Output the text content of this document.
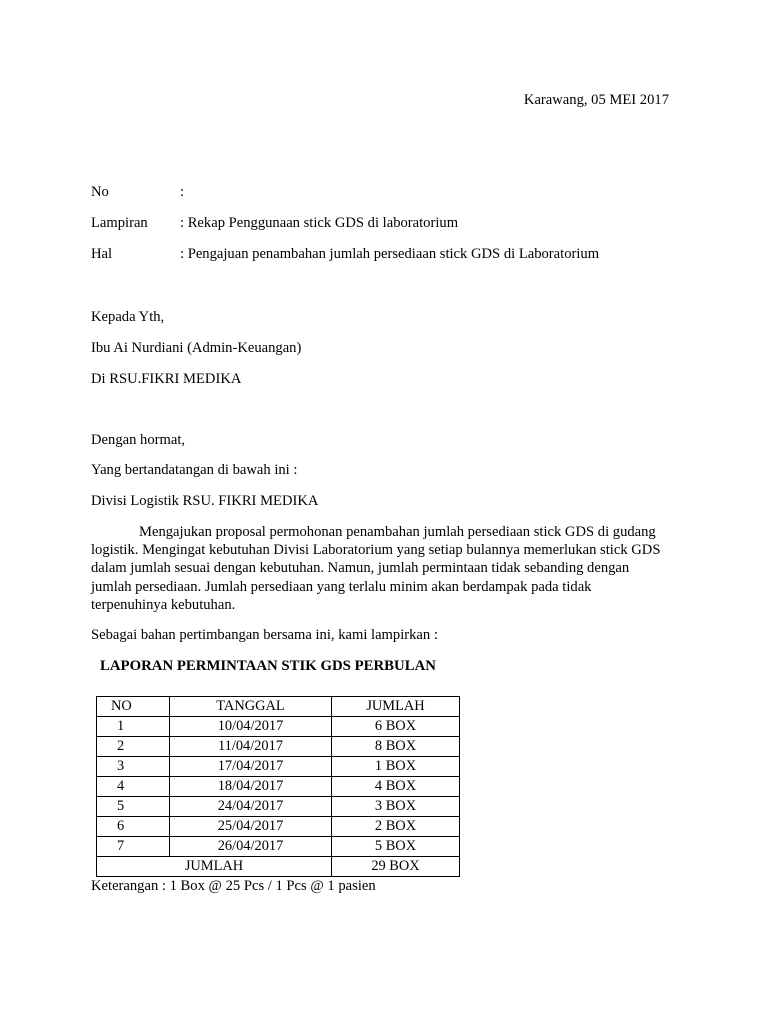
Karawang, 05 MEI 2017
No	:
Lampiran : Rekap Penggunaan stick GDS di laboratorium
Hal	: Pengajuan penambahan jumlah persediaan stick GDS di Laboratorium
Kepada Yth,
Ibu Ai Nurdiani (Admin-Keuangan)
Di RSU.FIKRI MEDIKA
Dengan hormat,
Yang bertandatangan di bawah ini :
Divisi Logistik RSU. FIKRI MEDIKA
Mengajukan proposal permohonan penambahan jumlah persediaan stick GDS di gudang logistik. Mengingat kebutuhan Divisi Laboratorium yang setiap bulannya memerlukan stick GDS dalam jumlah sesuai dengan kebutuhan. Namun, jumlah permintaan tidak sebanding dengan jumlah persediaan. Jumlah persediaan yang terlalu minim akan berdampak pada tidak terpenuhinya kebutuhan.
Sebagai bahan pertimbangan bersama ini, kami lampirkan :
LAPORAN PERMINTAAN STIK GDS PERBULAN
NO	TANGGAL	JUMLAH
1	10/04/2017	6 BOX
2	11/04/2017	8 BOX
3	17/04/2017	1 BOX
4	18/04/2017	4 BOX
5	24/04/2017	3 BOX
6	25/04/2017	2 BOX
7	26/04/2017	5 BOX
JUMLAH		29 BOX
Keterangan : 1 Box @ 25 Pcs / 1 Pcs @ 1 pasien
